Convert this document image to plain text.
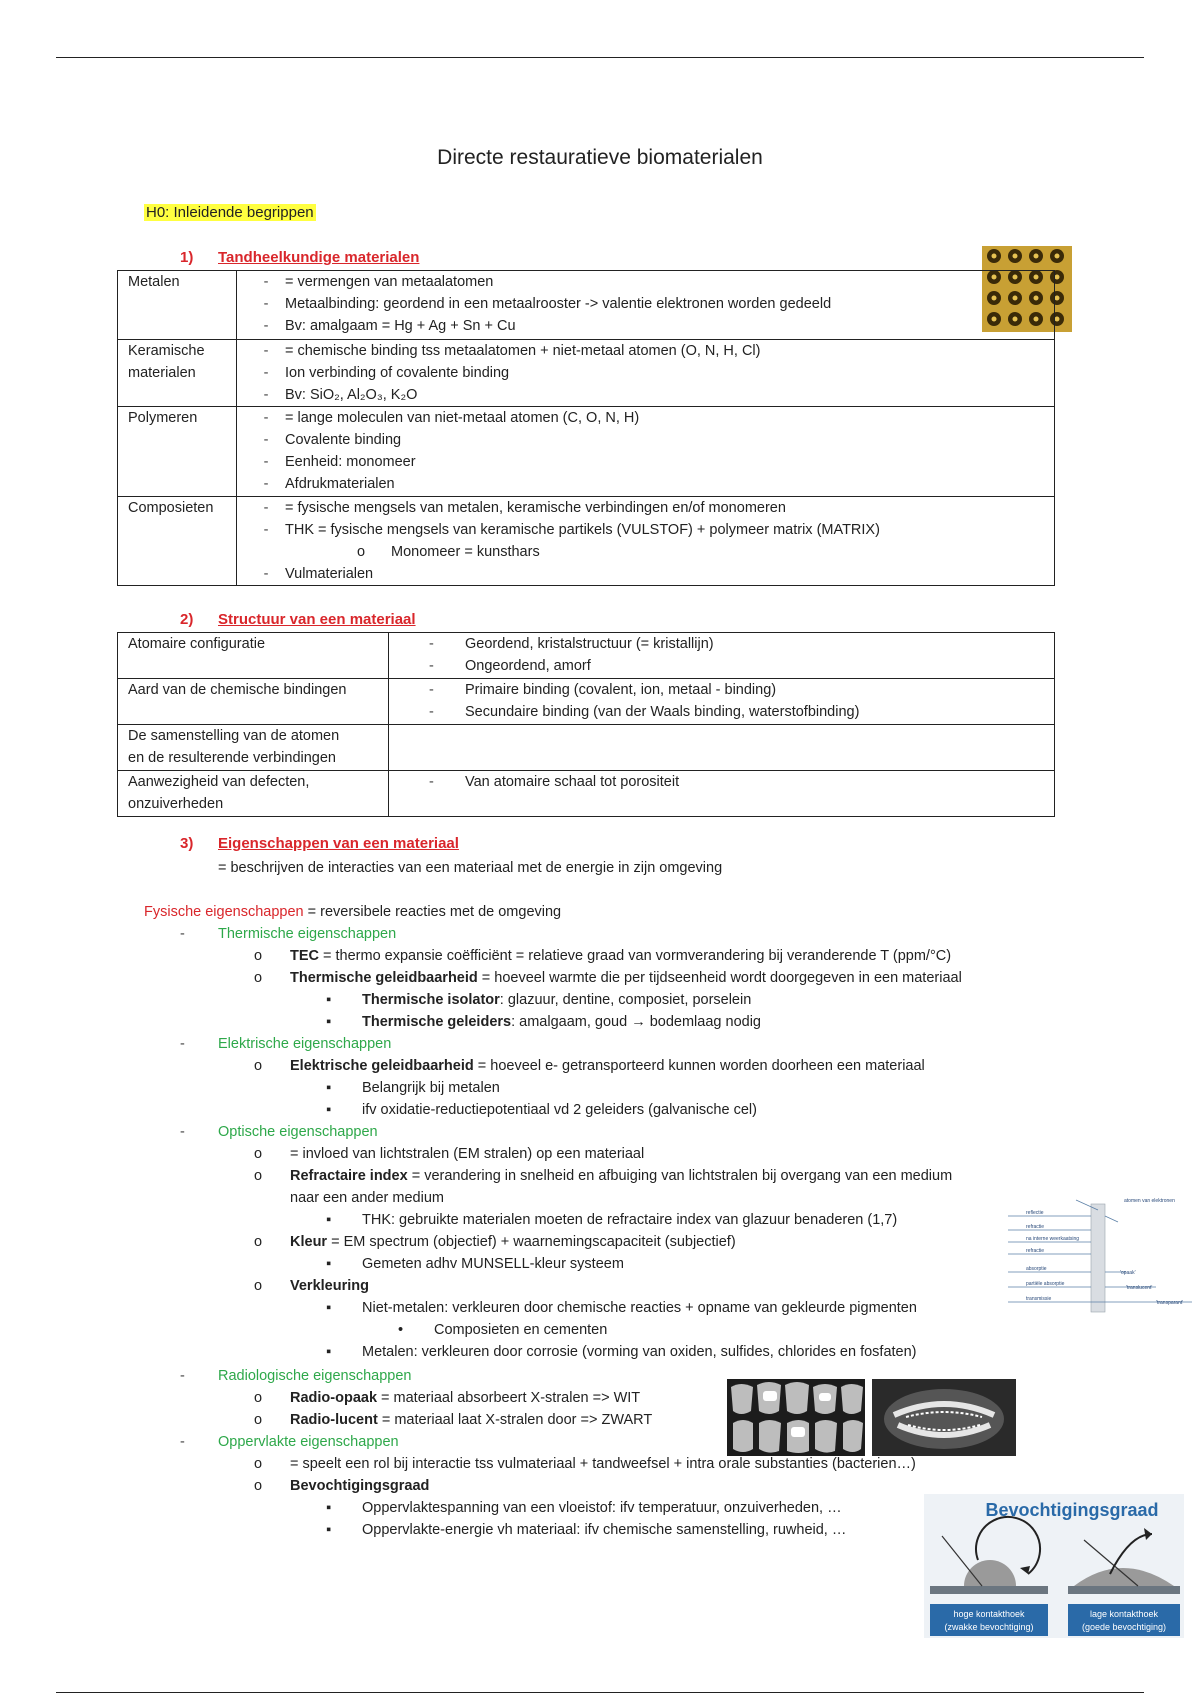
Directe restauratieve biomaterialen
H0: Inleidende begrippen
1) Tandheelkundige materialen
Metalen	- = vermengen van metaalatomen
- Metaalbinding: geordend in een metaalrooster -> valentie elektronen worden gedeeld
- Bv: amalgaam = Hg + Ag + Sn + Cu

Keramische materialen	- = chemische binding tss metaalatomen + niet-metaal atomen (O, N, H, Cl)
- Ion verbinding of covalente binding
- Bv: SiO₂, Al₂O₃, K₂O

Polymeren	- = lange moleculen van niet-metaal atomen (C, O, N, H)
- Covalente binding
- Eenheid: monomeer
- Afdrukmaterialen

Composieten	- = fysische mengsels van metalen, keramische verbindingen en/of monomeren
- THK = fysische mengsels van keramische partikels (VULSTOF) + polymeer matrix (MATRIX)
o Monomeer = kunsthars
- Vulmaterialen
2) Structuur van een materiaal
Atomaire configuratie	- Geordend, kristalstructuur (= kristallijn)
- Ongeordend, amorf

Aard van de chemische bindingen	- Primaire binding (covalent, ion, metaal - binding)
- Secundaire binding (van der Waals binding, waterstofbinding)

De samenstelling van de atomen
en de resulterende verbindingen	

Aanwezigheid van defecten,
onzuiverheden	- Van atomaire schaal tot porositeit
3) Eigenschappen van een materiaal
= beschrijven de interacties van een materiaal met de energie in zijn omgeving
Fysische eigenschappen = reversibele reacties met de omgeving
- Thermische eigenschappen
o TEC = thermo expansie coëfficiënt = relatieve graad van vormverandering bij veranderende T (ppm/°C)
o Thermische geleidbaarheid = hoeveel warmte die per tijdseenheid wordt doorgegeven in een materiaal
▪ Thermische isolator: glazuur, dentine, composiet, porselein
▪ Thermische geleiders: amalgaam, goud → bodemlaag nodig
- Elektrische eigenschappen
o Elektrische geleidbaarheid = hoeveel e- getransporteerd kunnen worden doorheen een materiaal
▪ Belangrijk bij metalen
▪ ifv oxidatie-reductiepotentiaal vd 2 geleiders (galvanische cel)
- Optische eigenschappen
o = invloed van lichtstralen (EM stralen) op een materiaal
o Refractaire index = verandering in snelheid en afbuiging van lichtstralen bij overgang van een medium
naar een ander medium
▪ THK: gebruikte materialen moeten de refractaire index van glazuur benaderen (1,7)
o Kleur = EM spectrum (objectief) + waarnemingscapaciteit (subjectief)
▪ Gemeten adhv MUNSELL-kleur systeem
o Verkleuring
▪ Niet-metalen: verkleuren door chemische reacties + opname van gekleurde pigmenten
• Composieten en cementen
▪ Metalen: verkleuren door corrosie (vorming van oxiden, sulfides, chlorides en fosfaten)
reflectie
refractie
na interne weerkaatsing
refractie
absorptie
partiële absorptie
transmissie
'opaak'
'translucent'
'transparant'
atomen van elektronen
- Radiologische eigenschappen
o Radio-opaak = materiaal absorbeert X-stralen => WIT
o Radio-lucent = materiaal laat X-stralen door => ZWART
- Oppervlakte eigenschappen
o = speelt een rol bij interactie tss vulmateriaal + tandweefsel + intra orale substanties (bacterien…)
o Bevochtigingsgraad
▪ Oppervlaktespanning van een vloeistof: ifv temperatuur, onzuiverheden, …
▪ Oppervlakte-energie vh materiaal: ifv chemische samenstelling, ruwheid, …
Bevochtigingsgraad
hoge kontakthoek
(zwakke bevochtiging)
lage kontakthoek
(goede bevochtiging)
